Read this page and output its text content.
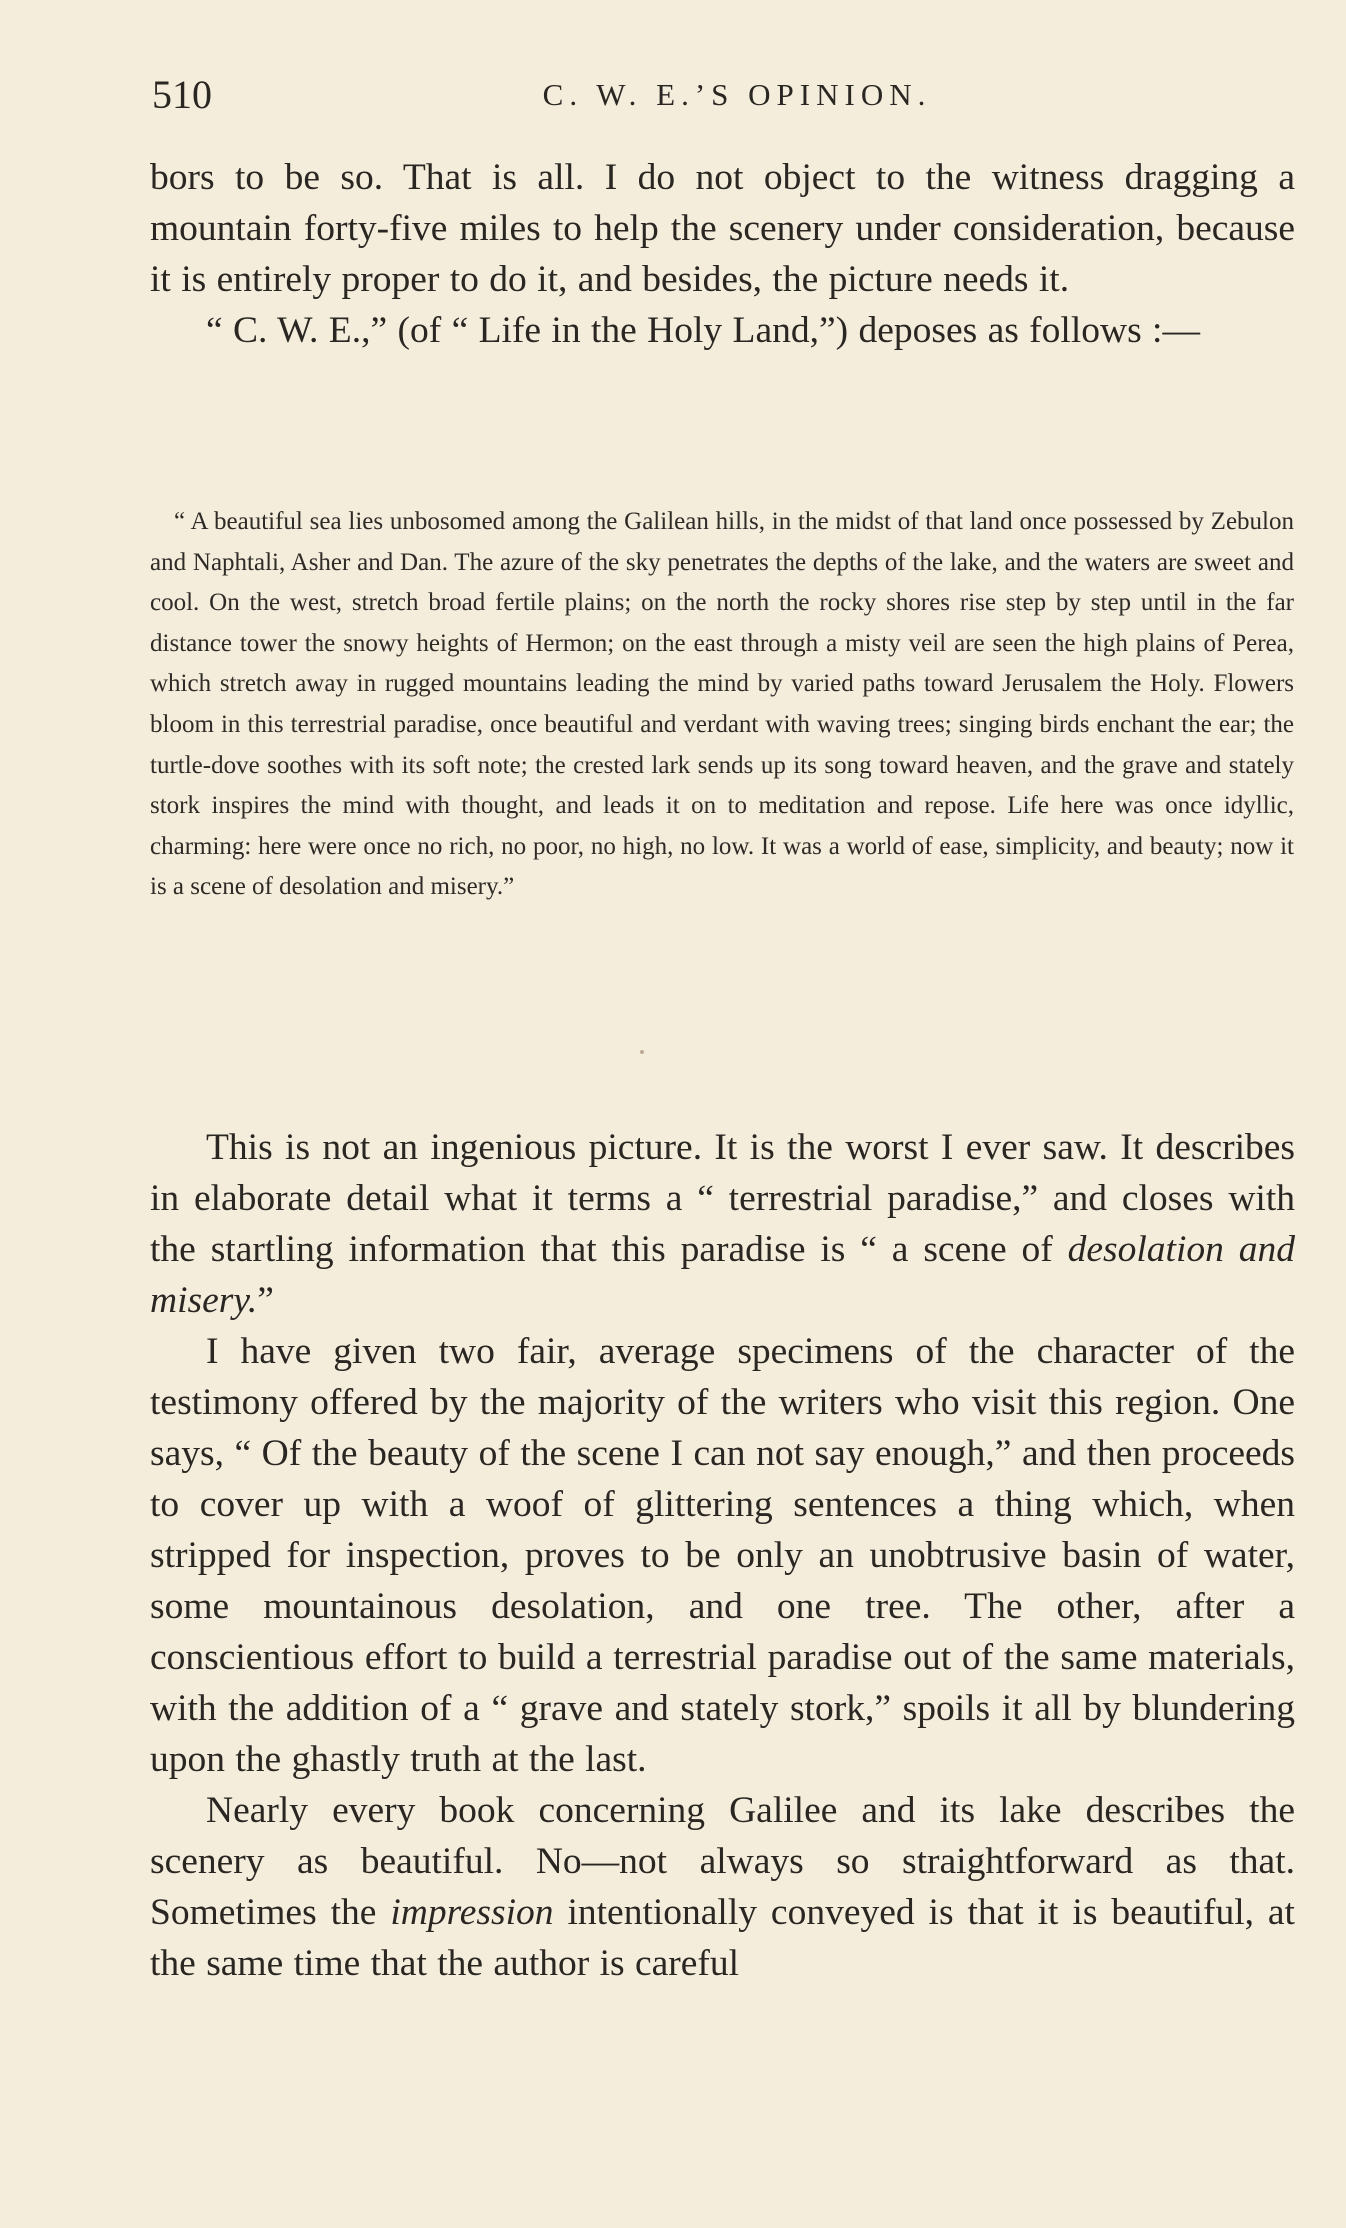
510	C. W. E.’S OPINION.

bors to be so. That is all. I do not object to the witness dragging a mountain forty-five miles to help the scenery under consideration, because it is entirely proper to do it, and besides, the picture needs it.

“ C. W. E.,” (of “ Life in the Holy Land,”) deposes as follows :—

“ A beautiful sea lies unbosomed among the Galilean hills, in the midst of that land once possessed by Zebulon and Naphtali, Asher and Dan. The azure of the sky penetrates the depths of the lake, and the waters are sweet and cool. On the west, stretch broad fertile plains; on the north the rocky shores rise step by step until in the far distance tower the snowy heights of Hermon; on the east through a misty veil are seen the high plains of Perea, which stretch away in rugged mountains leading the mind by varied paths toward Jerusalem the Holy. Flowers bloom in this terrestrial paradise, once beautiful and verdant with waving trees; singing birds enchant the ear; the turtle-dove soothes with its soft note; the crested lark sends up its song toward heaven, and the grave and stately stork inspires the mind with thought, and leads it on to meditation and repose. Life here was once idyllic, charming: here were once no rich, no poor, no high, no low. It was a world of ease, simplicity, and beauty; now it is a scene of desolation and misery.”

This is not an ingenious picture. It is the worst I ever saw. It describes in elaborate detail what it terms a “ terrestrial paradise,” and closes with the startling information that this paradise is “ a scene of desolation and misery.”

I have given two fair, average specimens of the character of the testimony offered by the majority of the writers who visit this region. One says, “ Of the beauty of the scene I can not say enough,” and then proceeds to cover up with a woof of glittering sentences a thing which, when stripped for inspection, proves to be only an unobtrusive basin of water, some mountainous desolation, and one tree. The other, after a conscientious effort to build a terrestrial paradise out of the same materials, with the addition of a “ grave and stately stork,” spoils it all by blundering upon the ghastly truth at the last.

Nearly every book concerning Galilee and its lake describes the scenery as beautiful. No—not always so straightforward as that. Sometimes the impression intentionally conveyed is that it is beautiful, at the same time that the author is careful
